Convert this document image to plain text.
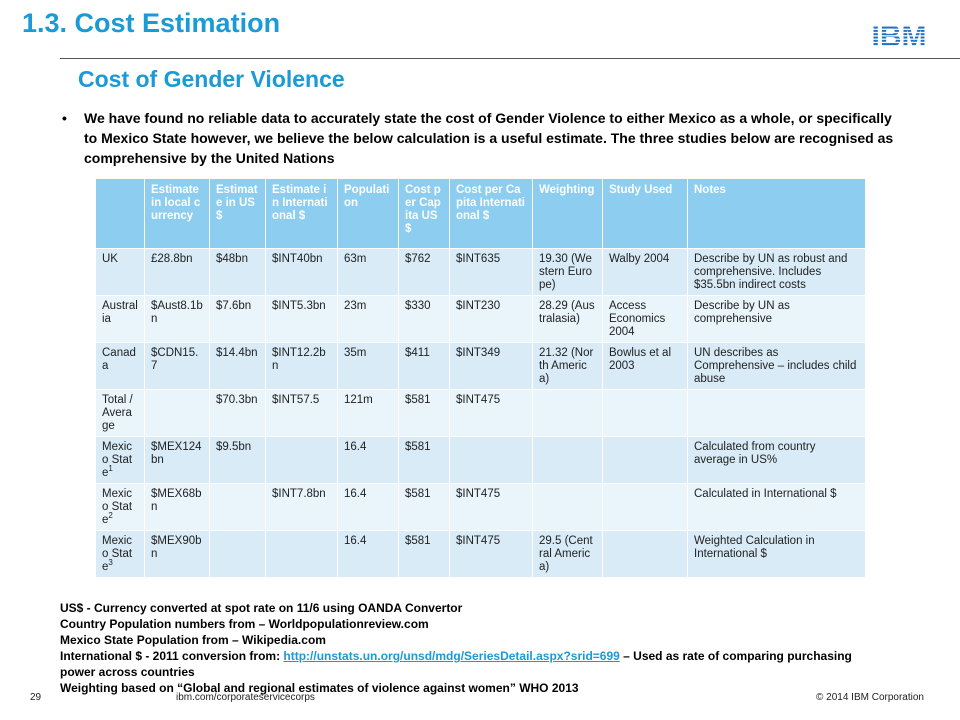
1.3. Cost Estimation	IBM
Cost of Gender Violence
• We have found no reliable data to accurately state the cost of Gender Violence to either Mexico as a whole, or specifically to Mexico State however, we believe the below calculation is a useful estimate. The three studies below are recognised as comprehensive by the United Nations
	Estimate in local currency	Estimate in US$	Estimate in International $	Population	Cost per Capita US$	Cost per Capita International $	Weighting	Study Used	Notes
UK	£28.8bn	$48bn	$INT40bn	63m	$762	$INT635	19.30 (Western Europe)	Walby 2004	Describe by UN as robust and comprehensive. Includes $35.5bn indirect costs
Australia	$Aust8.1bn	$7.6bn	$INT5.3bn	23m	$330	$INT230	28.29 (Australasia)	Access Economics 2004	Describe by UN as comprehensive
Canada	$CDN15.7	$14.4bn	$INT12.2bn	35m	$411	$INT349	21.32 (North America)	Bowlus et al 2003	UN describes as Comprehensive – includes child abuse
Total / Average		$70.3bn	$INT57.5	121m	$581	$INT475			
Mexico State$^1$	$MEX124bn	$9.5bn		16.4	$581				Calculated from country average in US%
Mexico State$^2$	$MEX68bn		$INT7.8bn	16.4	$581	$INT475			Calculated in International $
Mexico State$^3$	$MEX90bn			16.4	$581	$INT475	29.5 (Central America)		Weighted Calculation in International $
US$ - Currency converted at spot rate on 11/6 using OANDA Convertor
Country Population numbers from – Worldpopulationreview.com
Mexico State Population from – Wikipedia.com
International $ - 2011 conversion from: http://unstats.un.org/unsd/mdg/SeriesDetail.aspx?srid=699 – Used as rate of comparing purchasing power across countries
Weighting based on “Global and regional estimates of violence against women” WHO 2013
29	ibm.com/corporateservicecorps	© 2014 IBM Corporation
